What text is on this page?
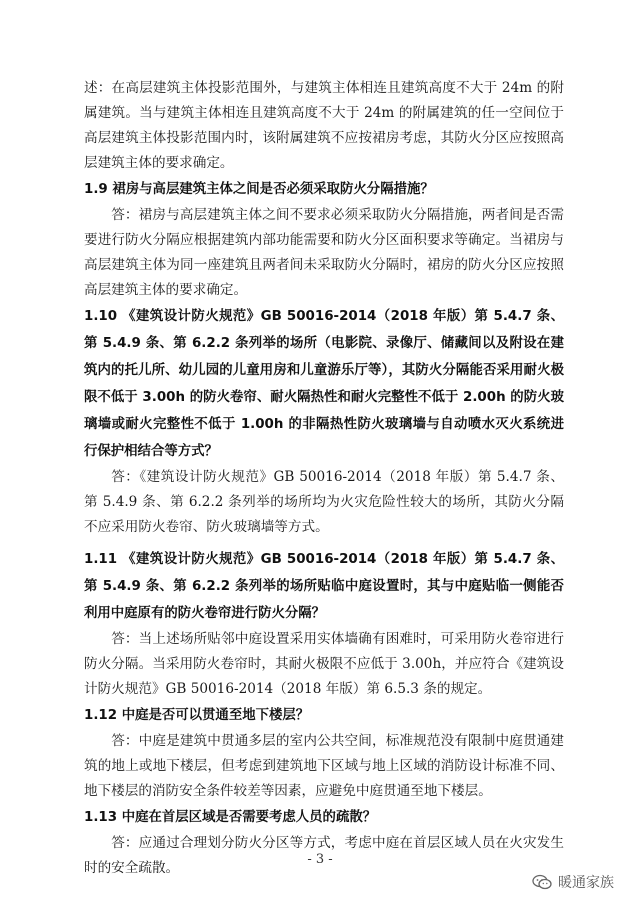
述：在高层建筑主体投影范围外，与建筑主体相连且建筑高度不大于 24m 的附属建筑。当与建筑主体相连且建筑高度不大于 24m 的附属建筑的任一空间位于高层建筑主体投影范围内时，该附属建筑不应按裙房考虑，其防火分区应按照高层建筑主体的要求确定。

1.9 裙房与高层建筑主体之间是否必须采取防火分隔措施？

答：裙房与高层建筑主体之间不要求必须采取防火分隔措施，两者间是否需要进行防火分隔应根据建筑内部功能需要和防火分区面积要求等确定。当裙房与高层建筑主体为同一座建筑且两者间未采取防火分隔时，裙房的防火分区应按照高层建筑主体的要求确定。

1.10 《建筑设计防火规范》GB 50016-2014（2018 年版）第 5.4.7 条、第 5.4.9 条、第 6.2.2 条列举的场所（电影院、录像厅、储藏间以及附设在建筑内的托儿所、幼儿园的儿童用房和儿童游乐厅等），其防火分隔能否采用耐火极限不低于 3.00h 的防火卷帘、耐火隔热性和耐火完整性不低于 2.00h 的防火玻璃墙或耐火完整性不低于 1.00h 的非隔热性防火玻璃墙与自动喷水灭火系统进行保护相结合等方式？

答：《建筑设计防火规范》GB 50016-2014（2018 年版）第 5.4.7 条、第 5.4.9 条、第 6.2.2 条列举的场所均为火灾危险性较大的场所，其防火分隔不应采用防火卷帘、防火玻璃墙等方式。

1.11 《建筑设计防火规范》GB 50016-2014（2018 年版）第 5.4.7 条、第 5.4.9 条、第 6.2.2 条列举的场所贴临中庭设置时，其与中庭贴临一侧能否利用中庭原有的防火卷帘进行防火分隔？

答：当上述场所贴邻中庭设置采用实体墙确有困难时，可采用防火卷帘进行防火分隔。当采用防火卷帘时，其耐火极限不应低于 3.00h，并应符合《建筑设计防火规范》GB 50016-2014（2018 年版）第 6.5.3 条的规定。

1.12 中庭是否可以贯通至地下楼层？

答：中庭是建筑中贯通多层的室内公共空间，标准规范没有限制中庭贯通建筑的地上或地下楼层，但考虑到建筑地下区域与地上区域的消防设计标准不同、地下楼层的消防安全条件较差等因素，应避免中庭贯通至地下楼层。

1.13 中庭在首层区域是否需要考虑人员的疏散？

答：应通过合理划分防火分区等方式，考虑中庭在首层区域人员在火灾发生时的安全疏散。

- 3 -
暖通家族
